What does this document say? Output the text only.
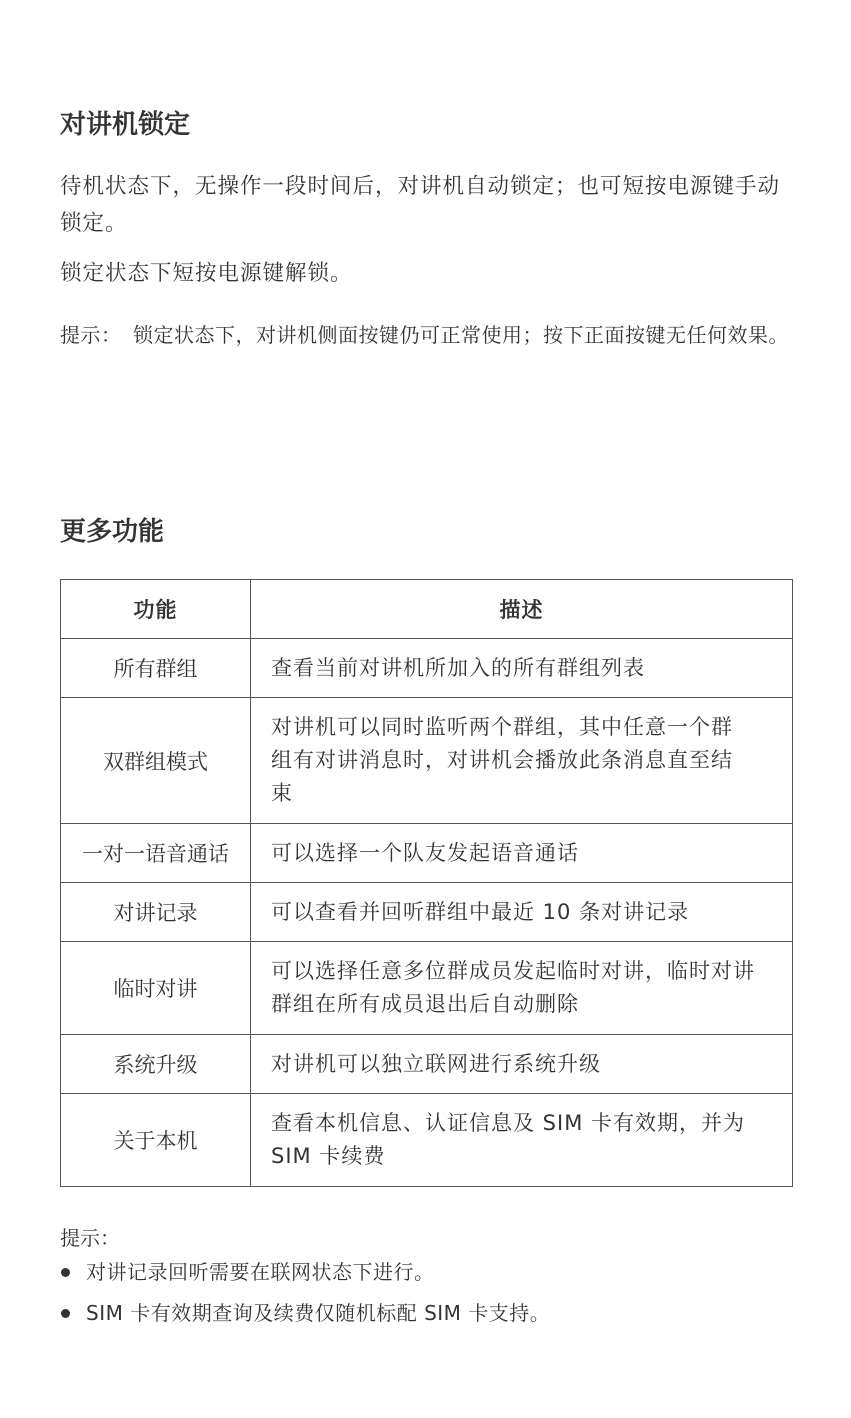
对讲机锁定

待机状态下，无操作一段时间后，对讲机自动锁定；也可短按电源键手动锁定。

锁定状态下短按电源键解锁。

提示： 锁定状态下，对讲机侧面按键仍可正常使用；按下正面按键无任何效果。
更多功能
功能	描述
所有群组	查看当前对讲机所加入的所有群组列表
双群组模式	对讲机可以同时监听两个群组，其中任意一个群组有对讲消息时，对讲机会播放此条消息直至结束
一对一语音通话	可以选择一个队友发起语音通话
对讲记录	可以查看并回听群组中最近 10 条对讲记录
临时对讲	可以选择任意多位群成员发起临时对讲，临时对讲群组在所有成员退出后自动删除
系统升级	对讲机可以独立联网进行系统升级
关于本机	查看本机信息、认证信息及 SIM 卡有效期，并为 SIM 卡续费
提示：
对讲记录回听需要在联网状态下进行。
SIM 卡有效期查询及续费仅随机标配 SIM 卡支持。
